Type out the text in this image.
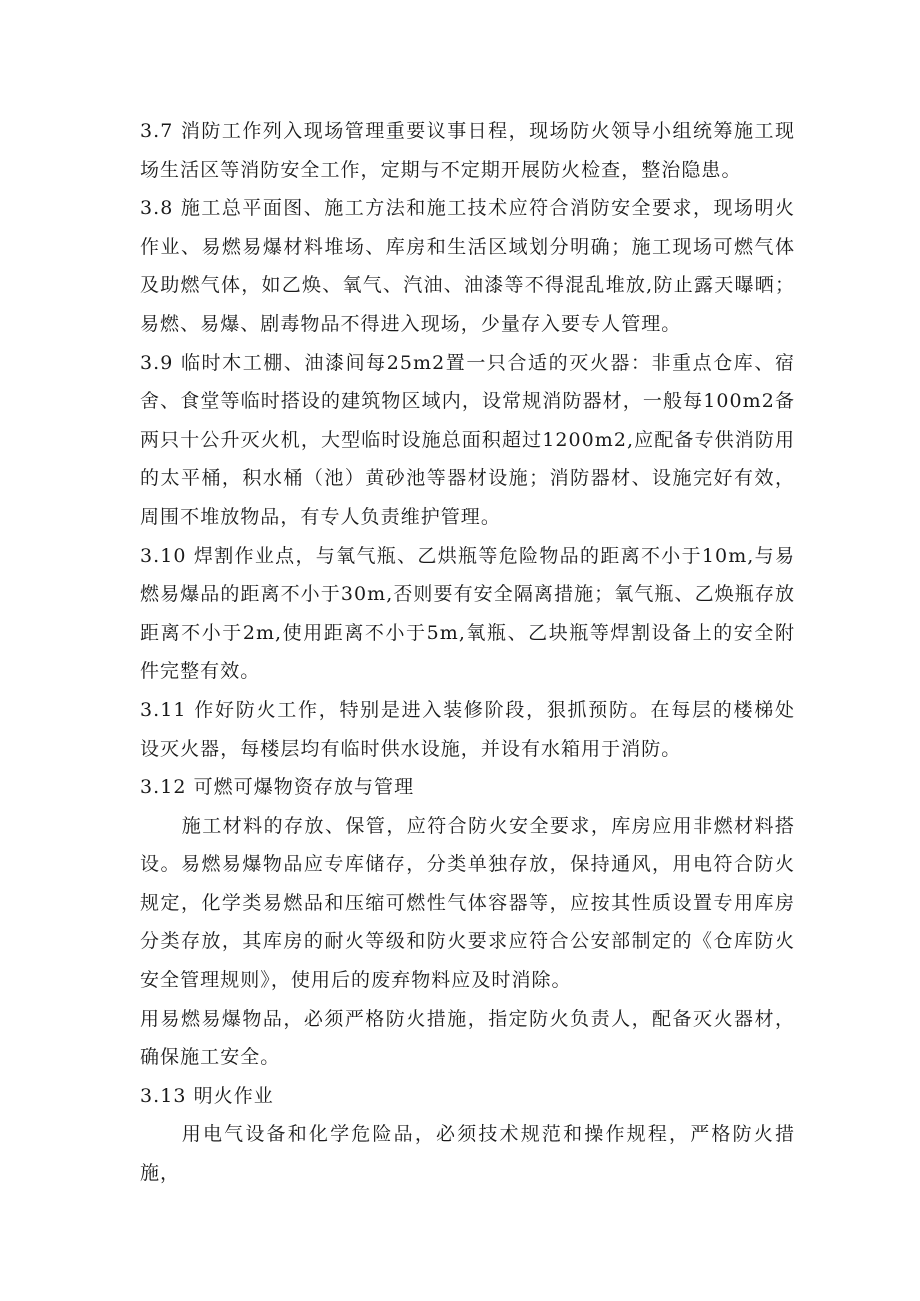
3.7 消防工作列入现场管理重要议事日程，现场防火领导小组统筹施工现场生活区等消防安全工作，定期与不定期开展防火检查，整治隐患。

3.8 施工总平面图、施工方法和施工技术应符合消防安全要求，现场明火作业、易燃易爆材料堆场、库房和生活区域划分明确；施工现场可燃气体及助燃气体，如乙焕、氧气、汽油、油漆等不得混乱堆放,防止露天曝晒；易燃、易爆、剧毒物品不得进入现场，少量存入要专人管理。

3.9 临时木工棚、油漆间每25m2置一只合适的灭火器：非重点仓库、宿舍、食堂等临时搭设的建筑物区域内，设常规消防器材，一般每100m2备两只十公升灭火机，大型临时设施总面积超过1200m2,应配备专供消防用的太平桶，积水桶（池）黄砂池等器材设施；消防器材、设施完好有效，周围不堆放物品，有专人负责维护管理。

3.10 焊割作业点，与氧气瓶、乙烘瓶等危险物品的距离不小于10m,与易燃易爆品的距离不小于30m,否则要有安全隔离措施；氧气瓶、乙焕瓶存放距离不小于2m,使用距离不小于5m,氧瓶、乙块瓶等焊割设备上的安全附件完整有效。

3.11 作好防火工作，特别是进入装修阶段，狠抓预防。在每层的楼梯处设灭火器，每楼层均有临时供水设施，并设有水箱用于消防。

3.12 可燃可爆物资存放与管理

施工材料的存放、保管，应符合防火安全要求，库房应用非燃材料搭设。易燃易爆物品应专库储存，分类单独存放，保持通风，用电符合防火规定，化学类易燃品和压缩可燃性气体容器等，应按其性质设置专用库房分类存放，其库房的耐火等级和防火要求应符合公安部制定的《仓库防火安全管理规则》，使用后的废弃物料应及时消除。

用易燃易爆物品，必须严格防火措施，指定防火负责人，配备灭火器材，确保施工安全。

3.13 明火作业

用电气设备和化学危险品，必须技术规范和操作规程，严格防火措施，
